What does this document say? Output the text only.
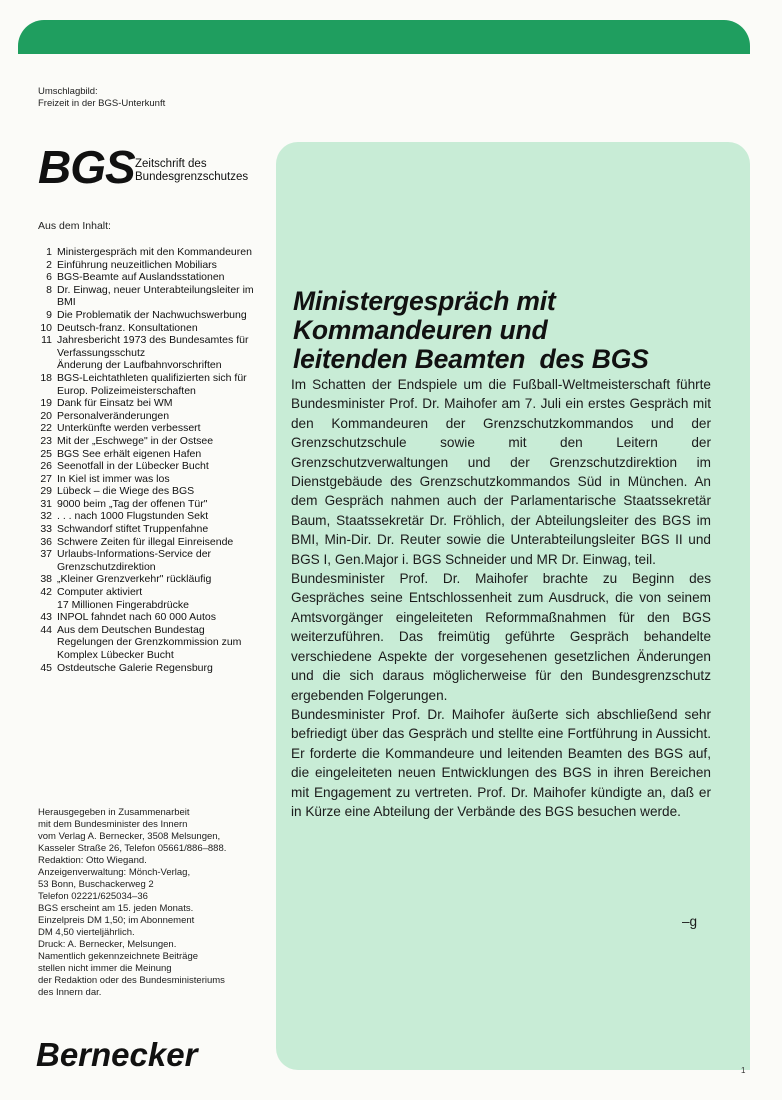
Umschlagbild:
Freizeit in der BGS-Unterkunft
BGS Zeitschrift des
Bundesgrenzschutzes
Aus dem Inhalt:
1 Ministergespräch mit den Kommandeuren
2 Einführung neuzeitlichen Mobiliars
6 BGS-Beamte auf Auslandsstationen
8 Dr. Einwag, neuer Unterabteilungsleiter im BMI
9 Die Problematik der Nachwuchswerbung
10 Deutsch-franz. Konsultationen
11 Jahresbericht 1973 des Bundesamtes für Verfassungsschutz
Änderung der Laufbahnvorschriften
18 BGS-Leichtathleten qualifizierten sich für Europ. Polizeimeisterschaften
19 Dank für Einsatz bei WM
20 Personalveränderungen
22 Unterkünfte werden verbessert
23 Mit der „Eschwege" in der Ostsee
25 BGS See erhält eigenen Hafen
26 Seenotfall in der Lübecker Bucht
27 In Kiel ist immer was los
29 Lübeck – die Wiege des BGS
31 9000 beim „Tag der offenen Tür"
32 . . . nach 1000 Flugstunden Sekt
33 Schwandorf stiftet Truppenfahne
36 Schwere Zeiten für illegal Einreisende
37 Urlaubs-Informations-Service der Grenzschutzdirektion
38 „Kleiner Grenzverkehr" rückläufig
42 Computer aktiviert
17 Millionen Fingerabdrücke
43 INPOL fahndet nach 60 000 Autos
44 Aus dem Deutschen Bundestag Regelungen der Grenzkommission zum Komplex Lübecker Bucht
45 Ostdeutsche Galerie Regensburg
Herausgegeben in Zusammenarbeit
mit dem Bundesminister des Innern
vom Verlag A. Bernecker, 3508 Melsungen,
Kasseler Straße 26, Telefon 05661/886–888.
Redaktion: Otto Wiegand.
Anzeigenverwaltung: Mönch-Verlag,
53 Bonn, Buschackerweg 2
Telefon 02221/625034–36
BGS erscheint am 15. jeden Monats.
Einzelpreis DM 1,50; im Abonnement
DM 4,50 vierteljährlich.
Druck: A. Bernecker, Melsungen.
Namentlich gekennzeichnete Beiträge
stellen nicht immer die Meinung
der Redaktion oder des Bundesministeriums
des Innern dar.
Bernecker
Ministergespräch mit
Kommandeuren und
leitenden Beamten  des BGS

Im Schatten der Endspiele um die Fußball-Weltmeisterschaft führte Bundesminister Prof. Dr. Maihofer am 7. Juli ein erstes Gespräch mit den Kommandeuren der Grenzschutzkommandos und der Grenzschutzschule sowie mit den Leitern der Grenzschutzverwaltungen und der Grenzschutzdirektion im Dienstgebäude des Grenzschutzkommandos Süd in München. An dem Gespräch nahmen auch der Parlamentarische Staatssekretär Baum, Staatssekretär Dr. Fröhlich, der Abteilungsleiter des BGS im BMI, Min-Dir. Dr. Reuter sowie die Unterabteilungsleiter BGS II und BGS I, Gen.Major i. BGS Schneider und MR Dr. Einwag, teil.

Bundesminister Prof. Dr. Maihofer brachte zu Beginn des Gespräches seine Entschlossenheit zum Ausdruck, die von seinem Amtsvorgänger eingeleiteten Reformmaßnahmen für den BGS weiterzuführen. Das freimütig geführte Gespräch behandelte verschiedene Aspekte der vorgesehenen gesetzlichen Änderungen und die sich daraus möglicherweise für den Bundesgrenzschutz ergebenden Folgerungen.

Bundesminister Prof. Dr. Maihofer äußerte sich abschließend sehr befriedigt über das Gespräch und stellte eine Fortführung in Aussicht. Er forderte die Kommandeure und leitenden Beamten des BGS auf, die eingeleiteten neuen Entwicklungen des BGS in ihren Bereichen mit Engagement zu vertreten. Prof. Dr. Maihofer kündigte an, daß er in Kürze eine Abteilung der Verbände des BGS besuchen werde.

–g
1
